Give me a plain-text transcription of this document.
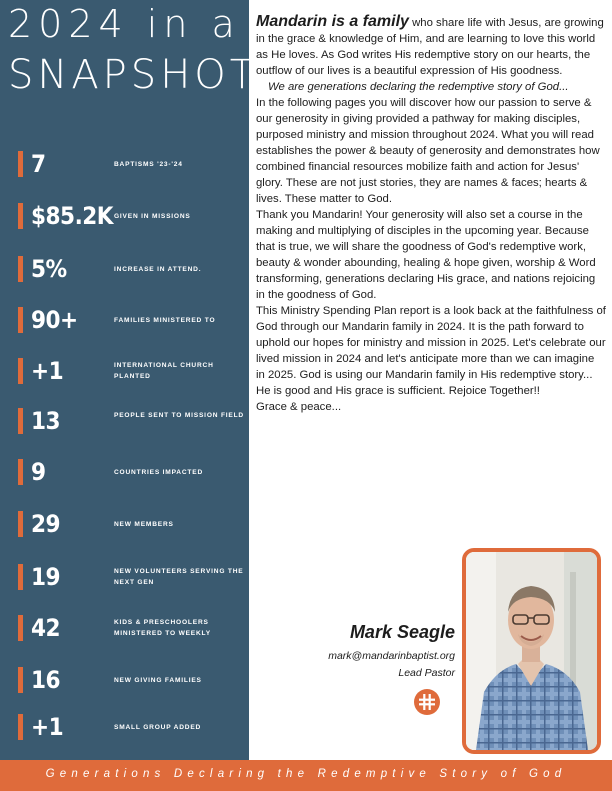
2024 in a
SNAPSHOT
7	BAPTISMS '23-'24
$85.2K GIVEN IN MISSIONS
5%	INCREASE IN ATTEND.
90+	FAMILIES MINISTERED TO
+1	INTERNATIONAL CHURCH PLANTED
13	PEOPLE SENT TO MISSION FIELD
9	COUNTRIES IMPACTED
29	NEW MEMBERS
19	NEW VOLUNTEERS SERVING THE NEXT GEN
42	KIDS & PRESCHOOLERS MINISTERED TO WEEKLY
16	NEW GIVING FAMILIES
+1	SMALL GROUP ADDED

Mandarin is a family who share life with Jesus, are growing in the grace & knowledge of Him, and are learning to love this world as He loves. As God writes His redemptive story on our hearts, the outflow of our lives is a beautiful expression of His goodness.

We are generations declaring the redemptive story of God...

In the following pages you will discover how our passion to serve & our generosity in giving provided a pathway for making disciples, purposed ministry and mission throughout 2024. What you will read establishes the power & beauty of generosity and demonstrates how combined financial resources mobilize faith and action for Jesus' glory. These are not just stories, they are names & faces; hearts & lives. These matter to God.

Thank you Mandarin! Your generosity will also set a course in the making and multiplying of disciples in the upcoming year. Because that is true, we will share the goodness of God's redemptive work, beauty & wonder abounding, healing & hope given, worship & Word transforming, generations declaring His grace, and nations rejoicing in the goodness of God.

This Ministry Spending Plan report is a look back at the faithfulness of God through our Mandarin family in 2024. It is the path forward to uphold our hopes for ministry and mission in 2025. Let's celebrate our lived mission in 2024 and let's anticipate more than we can imagine in 2025. God is using our Mandarin family in His redemptive story... He is good and His grace is sufficient. Rejoice Together!!

Grace & peace...

Mark Seagle
mark@mandarinbaptist.org
Lead Pastor
Generations Declaring the Redemptive Story of God
